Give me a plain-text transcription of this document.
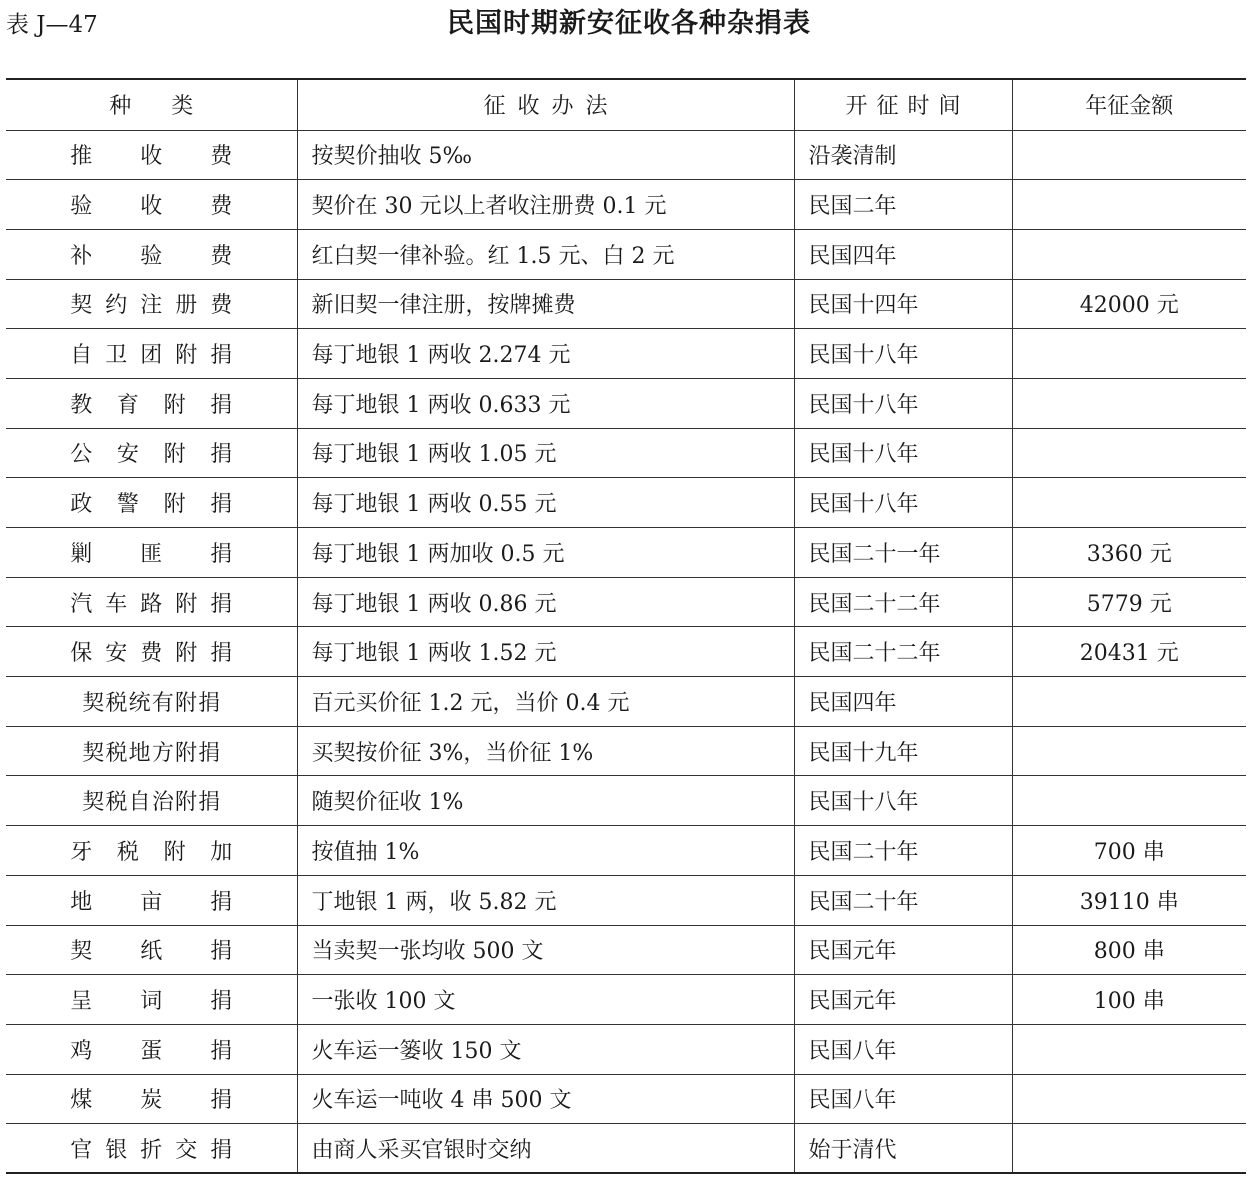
表 J—47	民国时期新安征收各种杂捐表
种类	征收办法	开征时间	年征金额
推收费	按契价抽收 5‰	沿袭清制	
验收费	契价在 30 元以上者收注册费 0.1 元	民国二年	
补验费	红白契一律补验。红 1.5 元、白 2 元	民国四年	
契约注册费	新旧契一律注册，按牌摊费	民国十四年	42000 元
自卫团附捐	每丁地银 1 两收 2.274 元	民国十八年	
教育附捐	每丁地银 1 两收 0.633 元	民国十八年	
公安附捐	每丁地银 1 两收 1.05 元	民国十八年	
政警附捐	每丁地银 1 两收 0.55 元	民国十八年	
剿匪捐	每丁地银 1 两加收 0.5 元	民国二十一年	3360 元
汽车路附捐	每丁地银 1 两收 0.86 元	民国二十二年	5779 元
保安费附捐	每丁地银 1 两收 1.52 元	民国二十二年	20431 元
契税统有附捐	百元买价征 1.2 元，当价 0.4 元	民国四年	
契税地方附捐	买契按价征 3%，当价征 1%	民国十九年	
契税自治附捐	随契价征收 1%	民国十八年	
牙税附加	按值抽 1%	民国二十年	700 串
地亩捐	丁地银 1 两，收 5.82 元	民国二十年	39110 串
契纸捐	当卖契一张均收 500 文	民国元年	800 串
呈词捐	一张收 100 文	民国元年	100 串
鸡蛋捐	火车运一篓收 150 文	民国八年	
煤炭捐	火车运一吨收 4 串 500 文	民国八年	
官银折交捐	由商人采买官银时交纳	始于清代	
